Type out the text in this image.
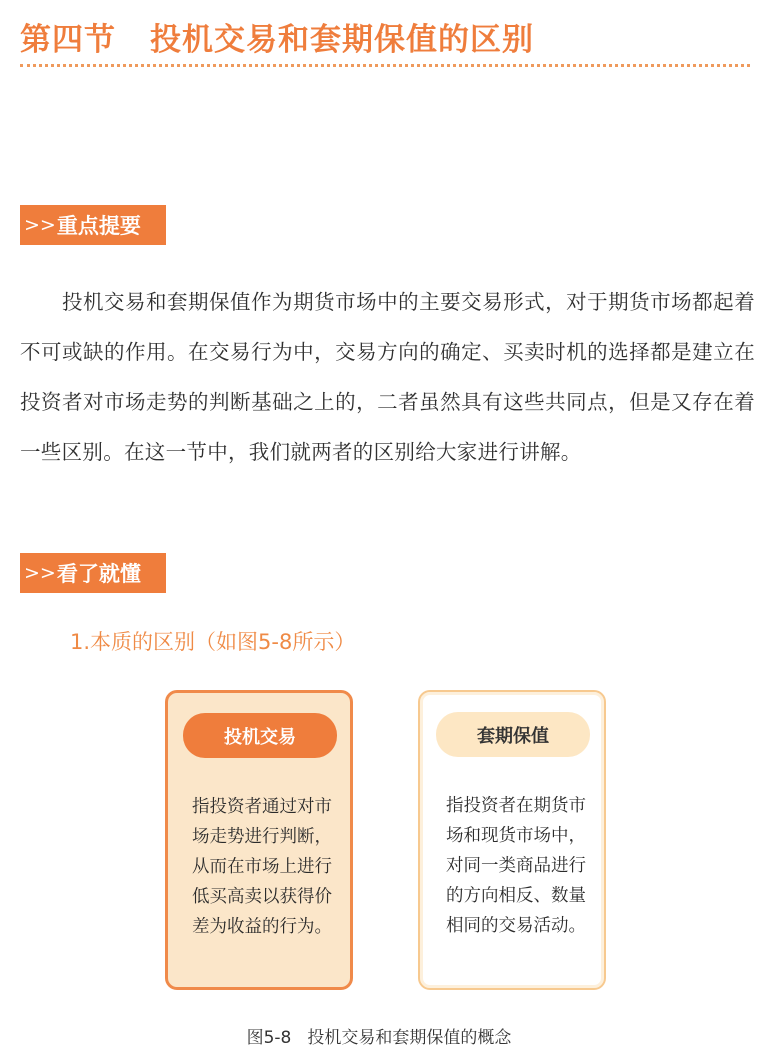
第四节 投机交易和套期保值的区别
>> 重点提要

投机交易和套期保值作为期货市场中的主要交易形式，对于期货市场都起着不可或缺的作用。在交易行为中，交易方向的确定、买卖时机的选择都是建立在投资者对市场走势的判断基础之上的，二者虽然具有这些共同点，但是又存在着一些区别。在这一节中，我们就两者的区别给大家进行讲解。

>> 看了就懂
1.本质的区别（如图5-8所示）
投机交易

指投资者通过对市场走势进行判断，从而在市场上进行低买高卖以获得价差为收益的行为。

套期保值

指投资者在期货市场和现货市场中，对同一类商品进行的方向相反、数量相同的交易活动。

图5-8 投机交易和套期保值的概念
